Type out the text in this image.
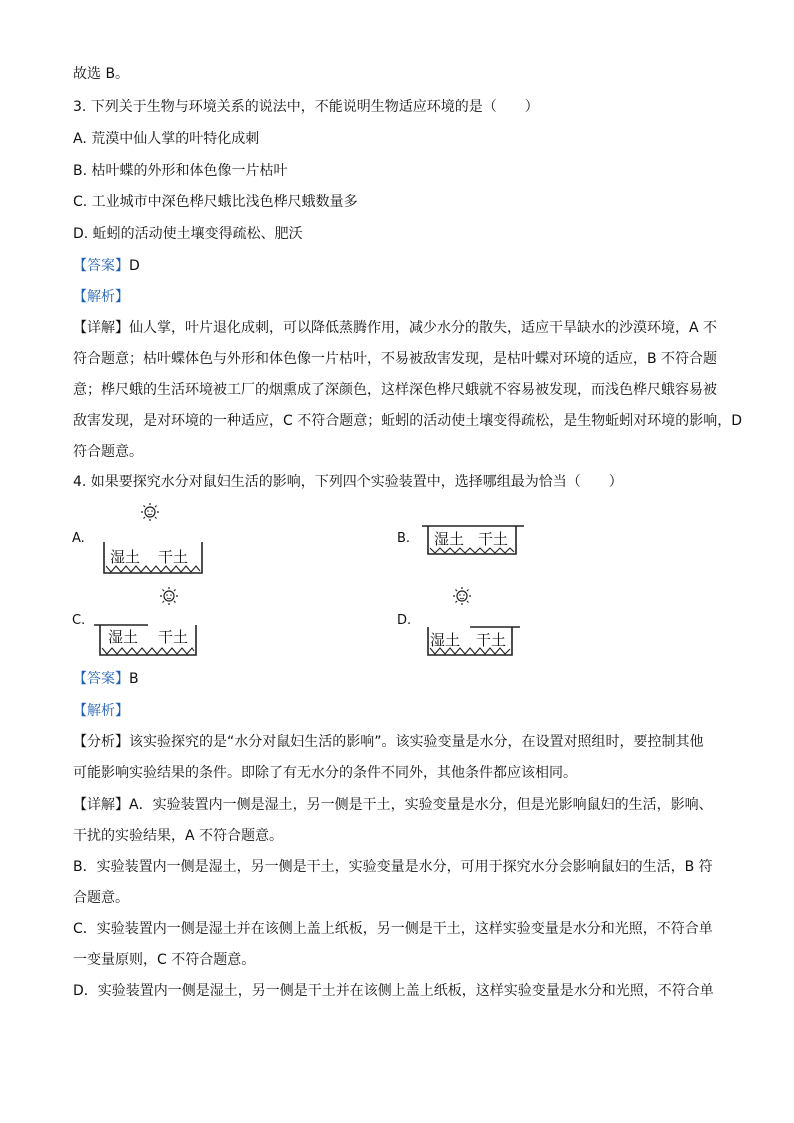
故选 B。
3. 下列关于生物与环境关系的说法中，不能说明生物适应环境的是（　　）
A. 荒漠中仙人掌的叶特化成刺
B. 枯叶蝶的外形和体色像一片枯叶
C. 工业城市中深色桦尺蛾比浅色桦尺蛾数量多
D. 蚯蚓的活动使土壤变得疏松、肥沃
【答案】D
【解析】
【详解】仙人掌，叶片退化成刺，可以降低蒸腾作用，减少水分的散失，适应干旱缺水的沙漠环境，A 不
符合题意；枯叶蝶体色与外形和体色像一片枯叶，不易被敌害发现，是枯叶蝶对环境的适应，B 不符合题
意；桦尺蛾的生活环境被工厂的烟熏成了深颜色，这样深色桦尺蛾就不容易被发现，而浅色桦尺蛾容易被
敌害发现，是对环境的一种适应，C 不符合题意；蚯蚓的活动使土壤变得疏松，是生物蚯蚓对环境的影响，D
符合题意。
4. 如果要探究水分对鼠妇生活的影响，下列四个实验装置中，选择哪组最为恰当（　　）
A.
湿土 干土
B. 湿土 干土
C.
湿土 干土
D.
湿土 干土
【答案】B
【解析】
【分析】该实验探究的是“水分对鼠妇生活的影响”。该实验变量是水分，在设置对照组时，要控制其他
可能影响实验结果的条件。即除了有无水分的条件不同外，其他条件都应该相同。
【详解】A．实验装置内一侧是湿土，另一侧是干土，实验变量是水分，但是光影响鼠妇的生活，影响、
干扰的实验结果，A 不符合题意。
B．实验装置内一侧是湿土，另一侧是干土，实验变量是水分，可用于探究水分会影响鼠妇的生活，B 符
合题意。
C．实验装置内一侧是湿土并在该侧上盖上纸板，另一侧是干土，这样实验变量是水分和光照，不符合单
一变量原则，C 不符合题意。
D．实验装置内一侧是湿土，另一侧是干土并在该侧上盖上纸板，这样实验变量是水分和光照，不符合单
